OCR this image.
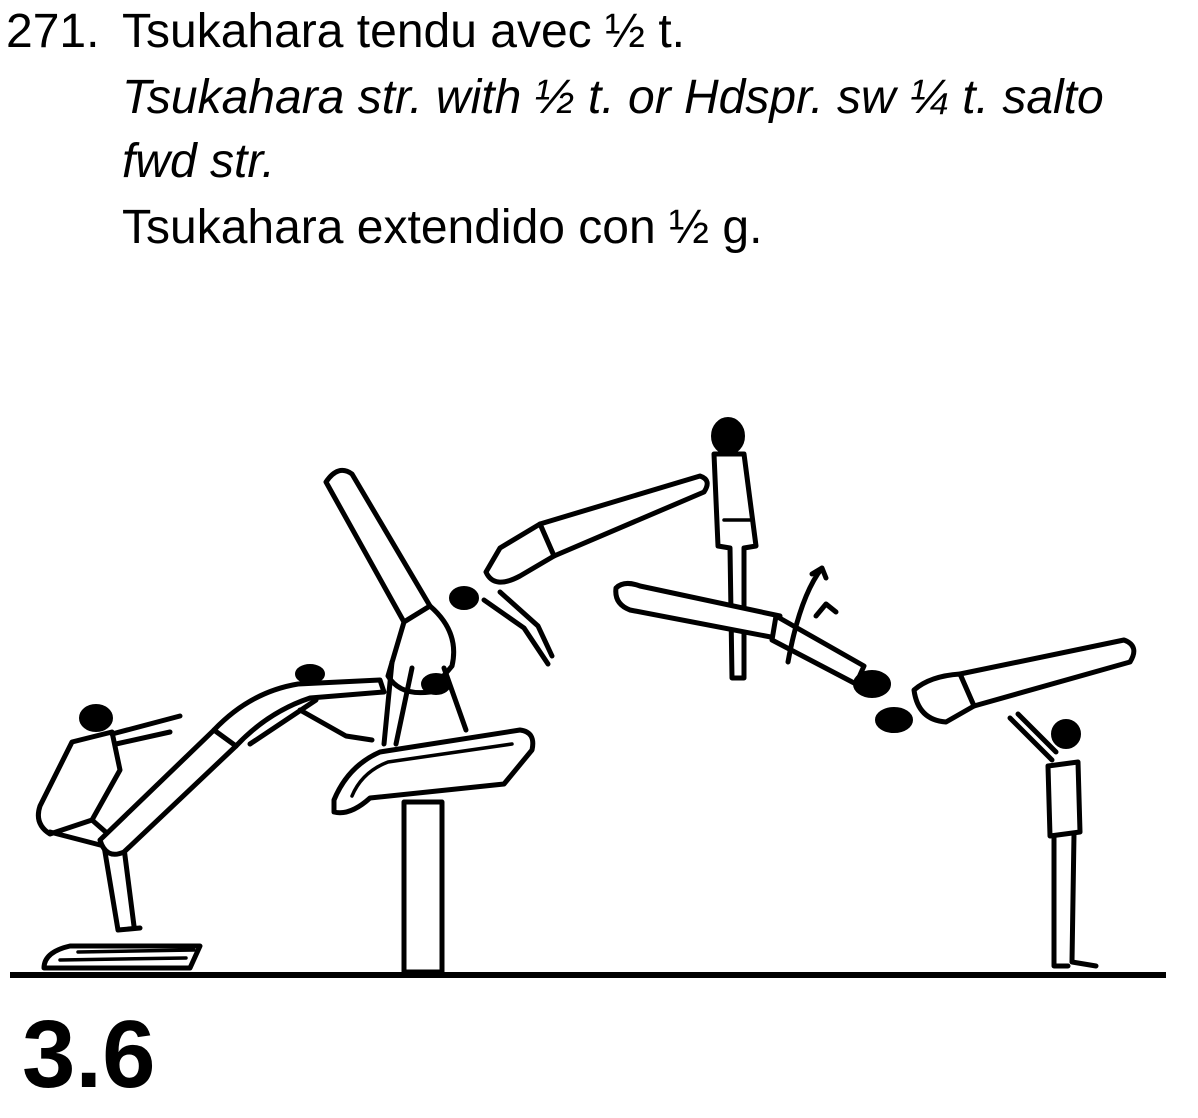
271. Tsukahara tendu avec ½ t.
Tsukahara str. with ½ t. or Hdspr. sw ¼ t. salto
fwd str.
Tsukahara extendido con ½ g.
3.6
